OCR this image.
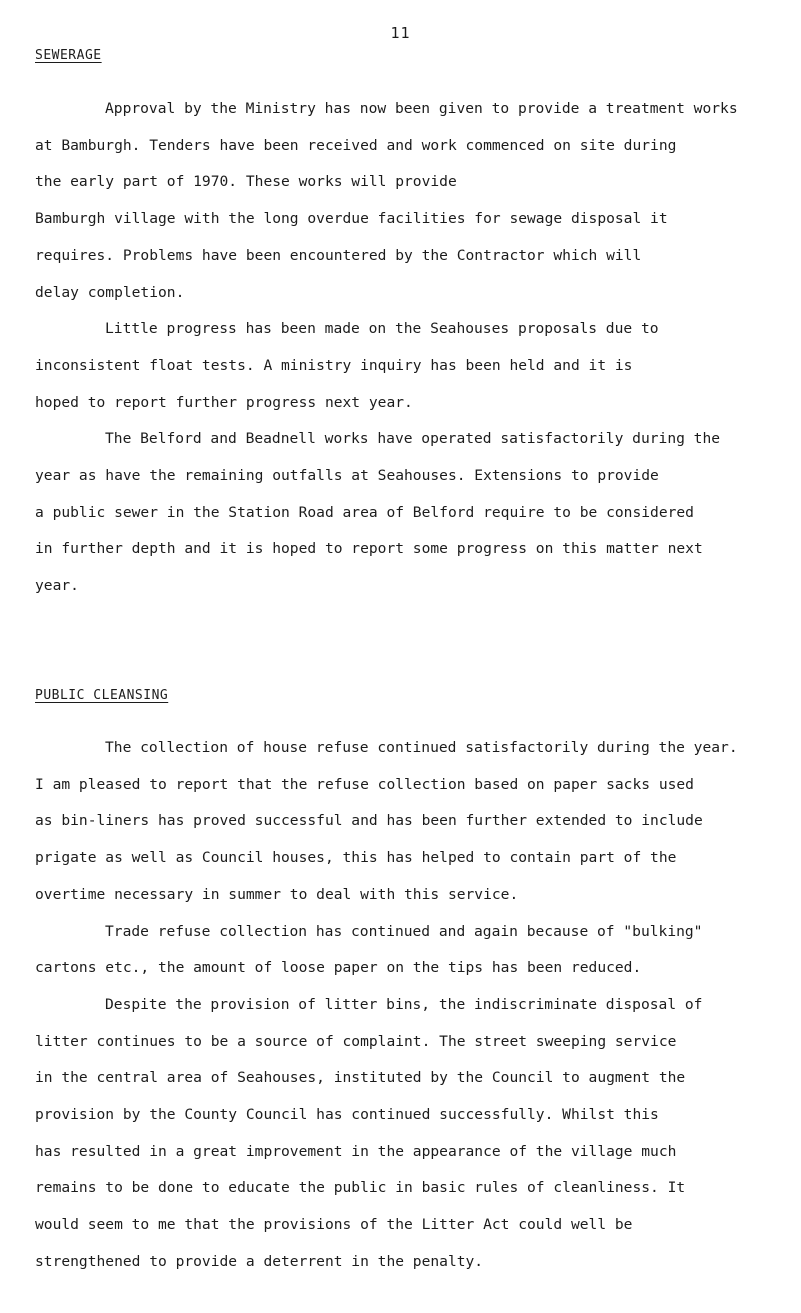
11
SEWERAGE

Approval by the Ministry has now been given to provide a treatment works
at Bamburgh. Tenders have been received and work commenced on site during
the early part of 1970. These works will provide
Bamburgh village with the long overdue facilities for sewage disposal it
requires. Problems have been encountered by the Contractor which will
delay completion.

Little progress has been made on the Seahouses proposals due to
inconsistent float tests. A ministry inquiry has been held and it is
hoped to report further progress next year.

The Belford and Beadnell works have operated satisfactorily during the
year as have the remaining outfalls at Seahouses. Extensions to provide
a public sewer in the Station Road area of Belford require to be considered
in further depth and it is hoped to report some progress on this matter next
year.

PUBLIC CLEANSING

The collection of house refuse continued satisfactorily during the year.
I am pleased to report that the refuse collection based on paper sacks used
as bin-liners has proved successful and has been further extended to include
prigate as well as Council houses, this has helped to contain part of the
overtime necessary in summer to deal with this service.

Trade refuse collection has continued and again because of "bulking"
cartons etc., the amount of loose paper on the tips has been reduced.

Despite the provision of litter bins, the indiscriminate disposal of
litter continues to be a source of complaint. The street sweeping service
in the central area of Seahouses, instituted by the Council to augment the
provision by the County Council has continued successfully. Whilst this
has resulted in a great improvement in the appearance of the village much
remains to be done to educate the public in basic rules of cleanliness. It
would seem to me that the provisions of the Litter Act could well be
strengthened to provide a deterrent in the penalty.
